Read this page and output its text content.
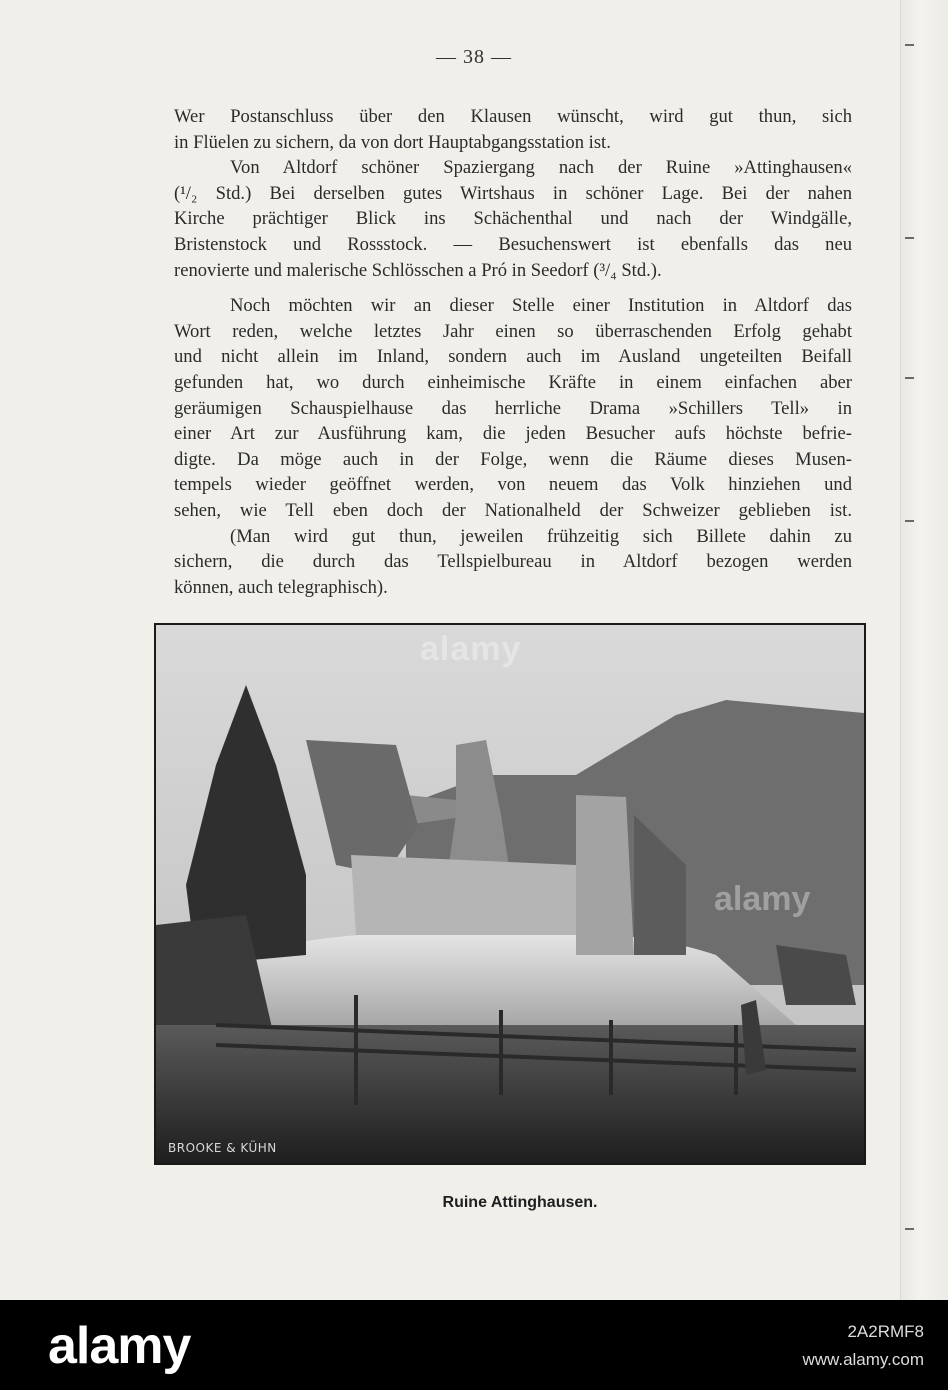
— 38 —

Wer Postanschluss über den Klausen wünscht, wird gut thun, sich
in Flüelen zu sichern, da von dort Hauptabgangsstation ist.

Von Altdorf schöner Spaziergang nach der Ruine »Attinghausen«
(¹/₂ Std.) Bei derselben gutes Wirtshaus in schöner Lage. Bei der nahen
Kirche prächtiger Blick ins Schächenthal und nach der Windgälle,
Bristenstock und Rossstock. — Besuchenswert ist ebenfalls das neu
renovierte und malerische Schlösschen a Pró in Seedorf (³/₄ Std.).

Noch möchten wir an dieser Stelle einer Institution in Altdorf das
Wort reden, welche letztes Jahr einen so überraschenden Erfolg gehabt
und nicht allein im Inland, sondern auch im Ausland ungeteilten Beifall
gefunden hat, wo durch einheimische Kräfte in einem einfachen aber
geräumigen Schauspielhause das herrliche Drama »Schillers Tell» in
einer Art zur Ausführung kam, die jeden Besucher aufs höchste befrie-
digte. Da möge auch in der Folge, wenn die Räume dieses Musen-
tempels wieder geöffnet werden, von neuem das Volk hinziehen und
sehen, wie Tell eben doch der Nationalheld der Schweizer geblieben ist.

(Man wird gut thun, jeweilen frühzeitig sich Billete dahin zu
sichern, die durch das Tellspielbureau in Altdorf bezogen werden
können, auch telegraphisch).

BROOKE & KÜHN
alamy
alamy
Ruine Attinghausen.
alamy	2A2RMF8
www.alamy.com
